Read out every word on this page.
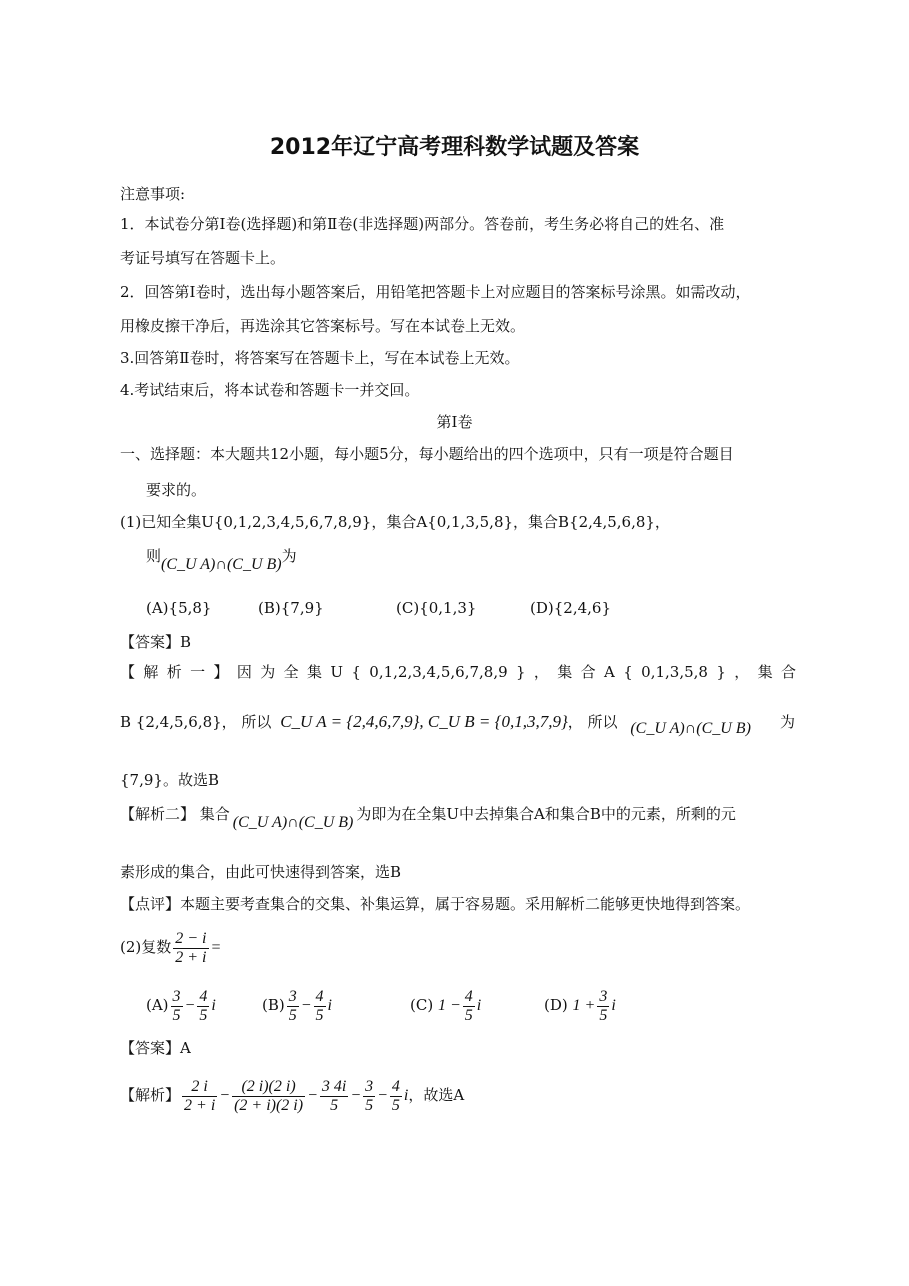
2012年辽宁高考理科数学试题及答案
注意事项:
1．本试卷分第Ⅰ卷(选择题)和第Ⅱ卷(非选择题)两部分。答卷前，考生务必将自己的姓名、准
考证号填写在答题卡上。
2．回答第Ⅰ卷时，选出每小题答案后，用铅笔把答题卡上对应题目的答案标号涂黑。如需改动，
用橡皮擦干净后，再选涂其它答案标号。写在本试卷上无效。
3.回答第Ⅱ卷时，将答案写在答题卡上，写在本试卷上无效。
4.考试结束后，将本试卷和答题卡一并交回。
第Ⅰ卷
一、选择题：本大题共12小题，每小题5分，每小题给出的四个选项中，只有一项是符合题目
要求的。
(1)已知全集U{0,1,2,3,4,5,6,7,8,9}，集合A{0,1,3,5,8}，集合B{2,4,5,6,8}，
则(C_U A)∩(C_U B)为
(A){5,8}	(B){7,9}	(C){0,1,3}	(D){2,4,6}
【答案】B
【 解 析 一 】 因 为 全 集 U { 0,1,2,3,4,5,6,7,8,9 } ， 集 合 A { 0,1,3,5,8 } ， 集 合
B {2,4,5,6,8}， 所以 C_U A = {2,4,6,7,9}, C_U B = {0,1,3,7,9}， 所以 (C_U A)∩(C_U B) 为
{7,9}。故选B
【解析二】 集合 (C_U A)∩(C_U B) 为即为在全集U中去掉集合A和集合B中的元素，所剩的元
素形成的集合，由此可快速得到答案，选B
【点评】本题主要考查集合的交集、补集运算，属于容易题。采用解析二能够更快地得到答案。
(2)复数 $\frac{2 - i}{2 + i}$ =
$(A) \frac{3}{5} - \frac{4}{5}$ i	$(B) \frac{3}{5} - \frac{4}{5}$ i	(C) $1 - \frac{4}{5}$ i	(D) $1 + \frac{3}{5}$ i
【答案】A
【解析】 $\frac{2 i}{2 + i} - \frac{(2 i)(2 i)}{(2 + i)(2 i)} - \frac{3 4i}{5} - \frac{3}{5} - \frac{4}{5}$ i，故选A
